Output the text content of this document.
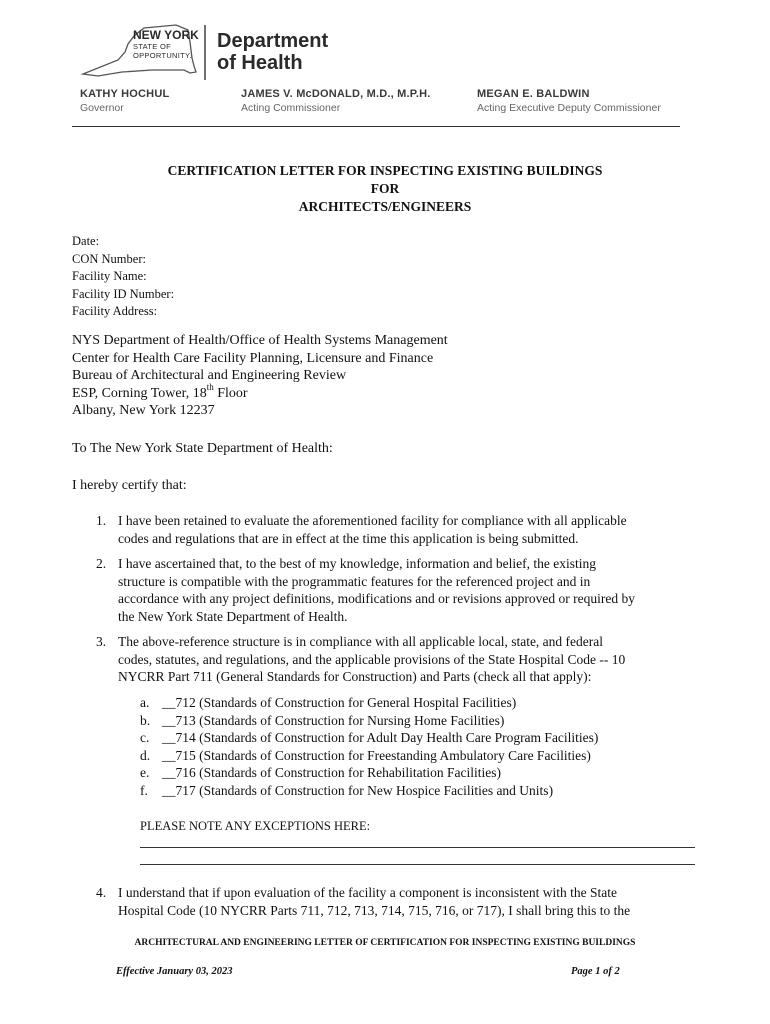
NEW YORK
STATE OF
OPPORTUNITY.
Department
of Health
KATHY HOCHUL
Governor
JAMES V. McDONALD, M.D., M.P.H.
Acting Commissioner
MEGAN E. BALDWIN
Acting Executive Deputy Commissioner
CERTIFICATION LETTER FOR INSPECTING EXISTING BUILDINGS
FOR
ARCHITECTS/ENGINEERS
Date:
CON Number:
Facility Name:
Facility ID Number:
Facility Address:
NYS Department of Health/Office of Health Systems Management
Center for Health Care Facility Planning, Licensure and Finance
Bureau of Architectural and Engineering Review
ESP, Corning Tower, 18th Floor
Albany, New York 12237
To The New York State Department of Health:
I hereby certify that:
1. I have been retained to evaluate the aforementioned facility for compliance with all applicable
codes and regulations that are in effect at the time this application is being submitted.
2. I have ascertained that, to the best of my knowledge, information and belief, the existing
structure is compatible with the programmatic features for the referenced project and in
accordance with any project definitions, modifications and or revisions approved or required by
the New York State Department of Health.
3. The above-reference structure is in compliance with all applicable local, state, and federal
codes, statutes, and regulations, and the applicable provisions of the State Hospital Code -- 10
NYCRR Part 711 (General Standards for Construction) and Parts (check all that apply):
a.
b.
c.
d.
e.
f.
__712 (Standards of Construction for General Hospital Facilities)
__713 (Standards of Construction for Nursing Home Facilities)
__714 (Standards of Construction for Adult Day Health Care Program Facilities)
__715 (Standards of Construction for Freestanding Ambulatory Care Facilities)
__716 (Standards of Construction for Rehabilitation Facilities)
__717 (Standards of Construction for New Hospice Facilities and Units)
PLEASE NOTE ANY EXCEPTIONS HERE:
4. I understand that if upon evaluation of the facility a component is inconsistent with the State
Hospital Code (10 NYCRR Parts 711, 712, 713, 714, 715, 716, or 717), I shall bring this to the
ARCHITECTURAL AND ENGINEERING LETTER OF CERTIFICATION FOR INSPECTING EXISTING BUILDINGS
Effective January 03, 2023	Page 1 of 2
